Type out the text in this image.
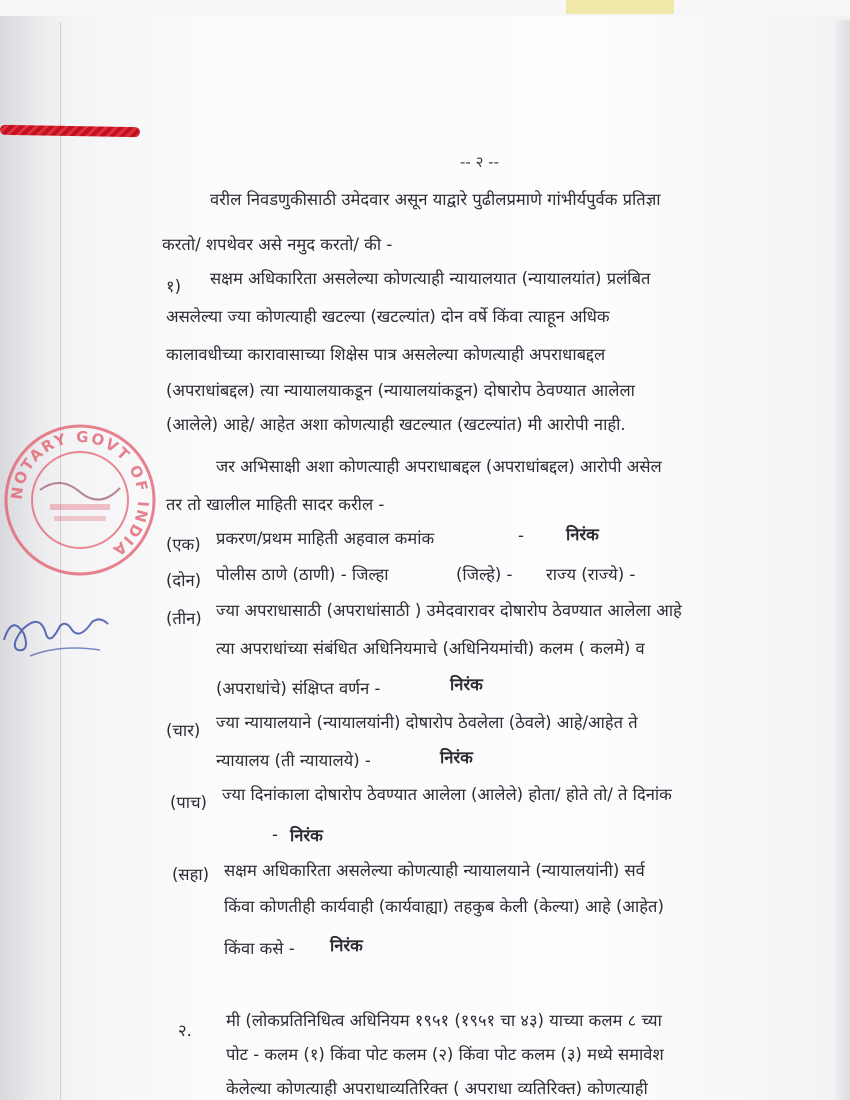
NOTARY GOVT OF INDIA
-- २ --
वरील निवडणुकीसाठी उमेदवार असून याद्वारे पुढीलप्रमाणे गांभीर्यपुर्वक प्रतिज्ञा
करतो/ शपथेवर असे नमुद करतो/ की -
१) सक्षम अधिकारिता असलेल्या कोणत्याही न्यायालयात (न्यायालयांत) प्रलंबित
असलेल्या ज्या कोणत्याही खटल्या (खटल्यांत) दोन वर्षे किंवा त्याहून अधिक
कालावधीच्या कारावासाच्या शिक्षेस पात्र असलेल्या कोणत्याही अपराधाबद्दल
(अपराधांबद्दल) त्या न्यायालयाकडून (न्यायालयांकडून) दोषारोप ठेवण्यात आलेला
(आलेले) आहे/ आहेत अशा कोणत्याही खटल्यात (खटल्यांत) मी आरोपी नाही.
जर अभिसाक्षी अशा कोणत्याही अपराधाबद्दल (अपराधांबद्दल) आरोपी असेल
तर तो खालील माहिती सादर करील -
(एक) प्रकरण/प्रथम माहिती अहवाल कमांक	-	निरंक
(दोन) पोलीस ठाणे (ठाणी) - जिल्हा	(जिल्हे) - राज्य (राज्ये) -
(तीन) ज्या अपराधासाठी (अपराधांसाठी ) उमेदवारावर दोषारोप ठेवण्यात आलेला आहे
त्या अपराधांच्या संबंधित अधिनियमाचे (अधिनियमांची) कलम ( कलमे) व
(अपराधांचे) संक्षिप्त वर्णन -	निरंक
(चार) ज्या न्यायालयाने (न्यायालयांनी) दोषारोप ठेवलेला (ठेवले) आहे/आहेत ते
न्यायालय (ती न्यायालये) -	निरंक
(पाच) ज्या दिनांकाला दोषारोप ठेवण्यात आलेला (आलेले) होता/ होते तो/ ते दिनांक
- निरंक
(सहा) सक्षम अधिकारिता असलेल्या कोणत्याही न्यायालयाने (न्यायालयांनी) सर्व
किंवा कोणतीही कार्यवाही (कार्यवाह्या) तहकुब केली (केल्या) आहे (आहेत)
किंवा कसे - निरंक
२.
मी (लोकप्रतिनिधित्व अधिनियम १९५१ (१९५१ चा ४३) याच्या कलम ८ च्या
पोट - कलम (१) किंवा पोट कलम (२) किंवा पोट कलम (३) मध्ये समावेश
केलेल्या कोणत्याही अपराधाव्यतिरिक्त ( अपराधा व्यतिरिक्त) कोणत्याही
